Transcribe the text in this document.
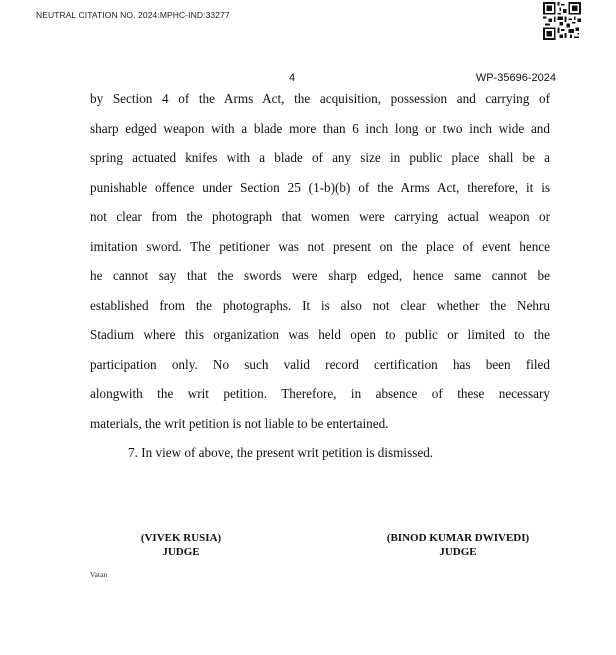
NEUTRAL CITATION NO. 2024:MPHC-IND:33277
4	WP-35696-2024
by Section 4 of the Arms Act, the acquisition, possession and carrying of
sharp edged weapon with a blade more than 6 inch long or two inch wide and
spring actuated knifes with a blade of any size in public place shall be a
punishable offence under Section 25 (1-b)(b) of the Arms Act, therefore, it is
not clear from the photograph that women were carrying actual weapon or
imitation sword. The petitioner was not present on the place of event hence
he cannot say that the swords were sharp edged, hence same cannot be
established from the photographs. It is also not clear whether the Nehru
Stadium where this organization was held open to public or limited to the
participation only. No such valid record certification has been filed
alongwith the writ petition. Therefore, in absence of these necessary
materials, the writ petition is not liable to be entertained.
7. In view of above, the present writ petition is dismissed.
(VIVEK RUSIA)
JUDGE
(BINOD KUMAR DWIVEDI)
JUDGE
Vatan
